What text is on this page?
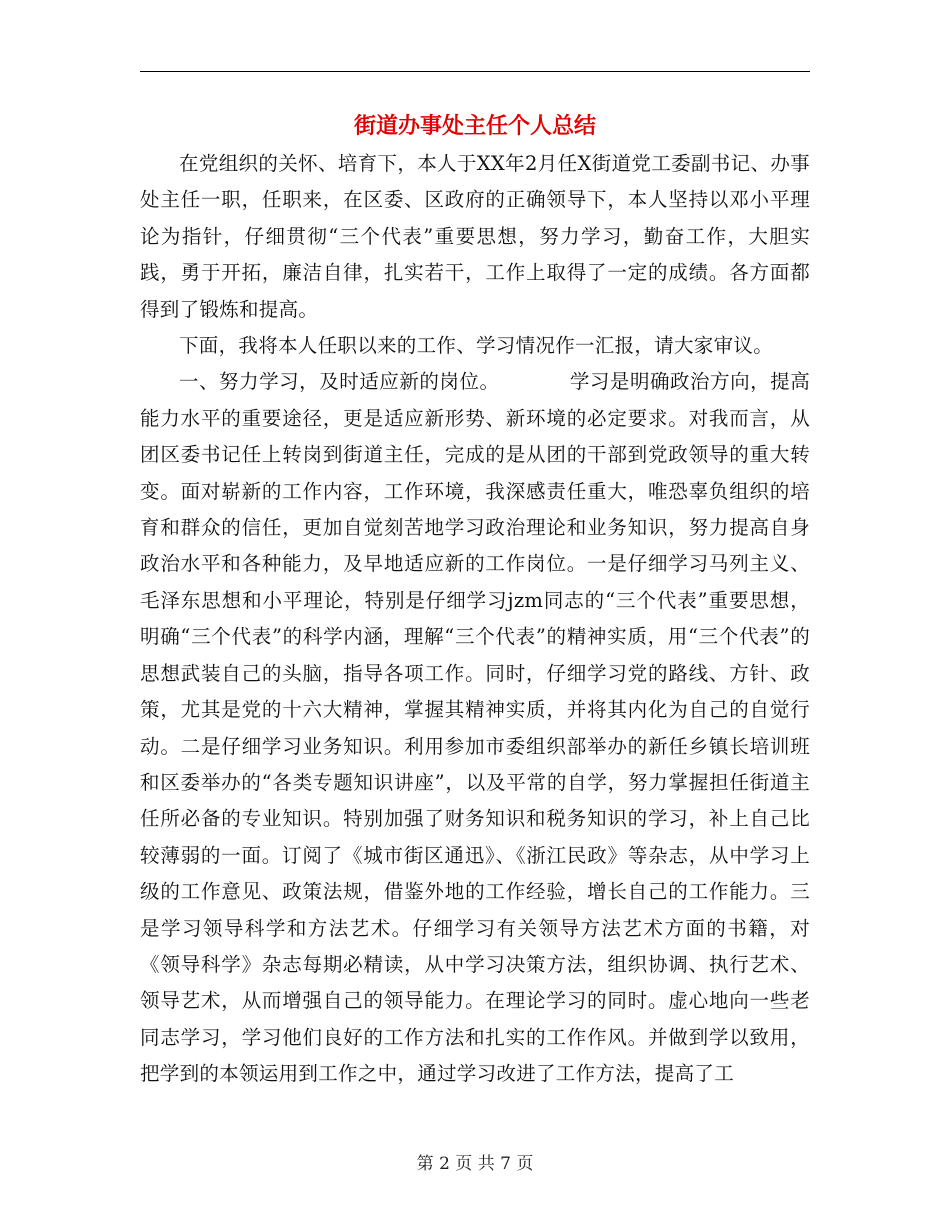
街道办事处主任个人总结

在党组织的关怀、培育下，本人于XX年2月任X街道党工委副书记、办事处主任一职，任职来，在区委、区政府的正确领导下，本人坚持以邓小平理论为指针，仔细贯彻“三个代表”重要思想，努力学习，勤奋工作，大胆实践，勇于开拓，廉洁自律，扎实若干，工作上取得了一定的成绩。各方面都得到了锻炼和提高。

下面，我将本人任职以来的工作、学习情况作一汇报，请大家审议。

一、努力学习，及时适应新的岗位。　　　　学习是明确政治方向，提高能力水平的重要途径，更是适应新形势、新环境的必定要求。对我而言，从团区委书记任上转岗到街道主任，完成的是从团的干部到党政领导的重大转变。面对崭新的工作内容，工作环境，我深感责任重大，唯恐辜负组织的培育和群众的信任，更加自觉刻苦地学习政治理论和业务知识，努力提高自身政治水平和各种能力，及早地适应新的工作岗位。一是仔细学习马列主义、毛泽东思想和小平理论，特别是仔细学习jzm同志的“三个代表”重要思想，明确“三个代表”的科学内涵，理解“三个代表”的精神实质，用“三个代表”的思想武装自己的头脑，指导各项工作。同时，仔细学习党的路线、方针、政策，尤其是党的十六大精神，掌握其精神实质，并将其内化为自己的自觉行动。二是仔细学习业务知识。利用参加市委组织部举办的新任乡镇长培训班和区委举办的“各类专题知识讲座”，以及平常的自学，努力掌握担任街道主任所必备的专业知识。特别加强了财务知识和税务知识的学习，补上自己比较薄弱的一面。订阅了《城市街区通迅》、《浙江民政》等杂志，从中学习上级的工作意见、政策法规，借鉴外地的工作经验，增长自己的工作能力。三是学习领导科学和方法艺术。仔细学习有关领导方法艺术方面的书籍，对《领导科学》杂志每期必精读，从中学习决策方法，组织协调、执行艺术、领导艺术，从而增强自己的领导能力。在理论学习的同时。虚心地向一些老同志学习，学习他们良好的工作方法和扎实的工作作风。并做到学以致用，把学到的本领运用到工作之中，通过学习改进了工作方法，提高了工

第 2 页 共 7 页
